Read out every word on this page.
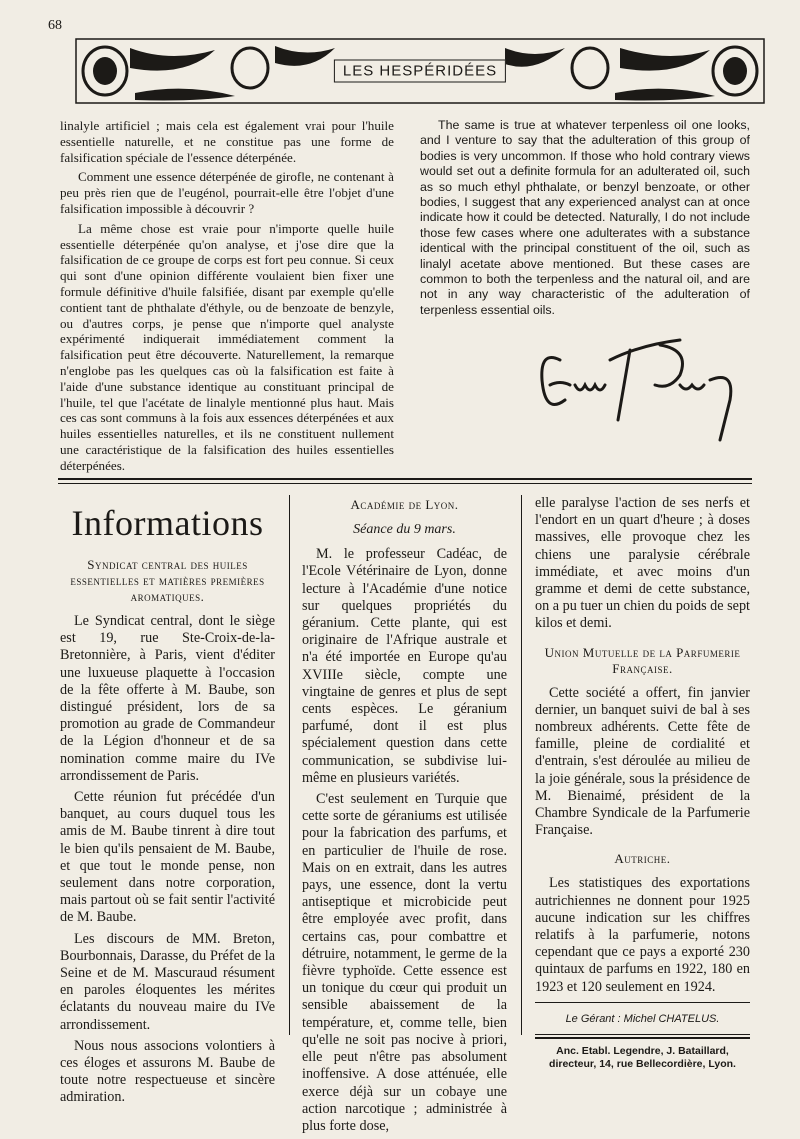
68
LES HESPÉRIDÉES

linalyle artificiel ; mais cela est également vrai pour l'huile essentielle naturelle, et ne constitue pas une forme de falsification spéciale de l'essence déterpénée.

Comment une essence déterpénée de girofle, ne contenant à peu près rien que de l'eugénol, pourrait-elle être l'objet d'une falsification impossible à découvrir ?

La même chose est vraie pour n'importe quelle huile essentielle déterpénée qu'on analyse, et j'ose dire que la falsification de ce groupe de corps est fort peu connue. Si ceux qui sont d'une opinion différente voulaient bien fixer une formule définitive d'huile falsifiée, disant par exemple qu'elle contient tant de phthalate d'éthyle, ou de benzoate de benzyle, ou d'autres corps, je pense que n'importe quel analyste expérimenté indiquerait immédiatement comment la falsification peut être découverte. Naturellement, la remarque n'englobe pas les quelques cas où la falsification est faite à l'aide d'une substance identique au constituant principal de l'huile, tel que l'acétate de linalyle mentionné plus haut. Mais ces cas sont communs à la fois aux essences déterpénées et aux huiles essentielles naturelles, et ils ne constituent nullement une caractéristique de la falsification des huiles essentielles déterpénées.

The same is true at whatever terpenless oil one looks, and I venture to say that the adulteration of this group of bodies is very uncommon. If those who hold contrary views would set out a definite formula for an adulterated oil, such as so much ethyl phthalate, or benzyl benzoate, or other bodies, I suggest that any experienced analyst can at once indicate how it could be detected. Naturally, I do not include those few cases where one adulterates with a substance identical with the principal constituent of the oil, such as linalyl acetate above mentioned. But these cases are common to both the terpenless and the natural oil, and are not in any way characteristic of the adulteration of terpenless essential oils.

Informations
Syndicat central des huiles essentielles et matières premières aromatiques.

Le Syndicat central, dont le siège est 19, rue Ste-Croix-de-la-Bretonnière, à Paris, vient d'éditer une luxueuse plaquette à l'occasion de la fête offerte à M. Baube, son distingué président, lors de sa promotion au grade de Commandeur de la Légion d'honneur et de sa nomination comme maire du IVe arrondissement de Paris.

Cette réunion fut précédée d'un banquet, au cours duquel tous les amis de M. Baube tinrent à dire tout le bien qu'ils pensaient de M. Baube, et que tout le monde pense, non seulement dans notre corporation, mais partout où se fait sentir l'activité de M. Baube.

Les discours de MM. Breton, Bourbonnais, Darasse, du Préfet de la Seine et de M. Mascuraud résument en paroles éloquentes les mérites éclatants du nouveau maire du IVe arrondissement.

Nous nous associons volontiers à ces éloges et assurons M. Baube de toute notre respectueuse et sincère admiration.

Académie de Lyon.
Séance du 9 mars.

M. le professeur Cadéac, de l'Ecole Vétérinaire de Lyon, donne lecture à l'Académie d'une notice sur quelques propriétés du géranium. Cette plante, qui est originaire de l'Afrique australe et n'a été importée en Europe qu'au XVIIIe siècle, compte une vingtaine de genres et plus de sept cents espèces. Le géranium parfumé, dont il est plus spécialement question dans cette communication, se subdivise lui-même en plusieurs variétés.

C'est seulement en Turquie que cette sorte de géraniums est utilisée pour la fabrication des parfums, et en particulier de l'huile de rose. Mais on en extrait, dans les autres pays, une essence, dont la vertu antiseptique et microbicide peut être employée avec profit, dans certains cas, pour combattre et détruire, notamment, le germe de la fièvre typhoïde. Cette essence est un tonique du cœur qui produit un sensible abaissement de la température, et, comme telle, bien qu'elle ne soit pas nocive à priori, elle peut n'être pas absolument inoffensive. A dose atténuée, elle exerce déjà sur un cobaye une action narcotique ; administrée à plus forte dose,

elle paralyse l'action de ses nerfs et l'endort en un quart d'heure ; à doses massives, elle provoque chez les chiens une paralysie cérébrale immédiate, et avec moins d'un gramme et demi de cette substance, on a pu tuer un chien du poids de sept kilos et demi.

Union Mutuelle de la Parfumerie Française.

Cette société a offert, fin janvier dernier, un banquet suivi de bal à ses nombreux adhérents. Cette fête de famille, pleine de cordialité et d'entrain, s'est déroulée au milieu de la joie générale, sous la présidence de M. Bienaimé, président de la Chambre Syndicale de la Parfumerie Française.

Autriche.

Les statistiques des exportations autrichiennes ne donnent pour 1925 aucune indication sur les chiffres relatifs à la parfumerie, notons cependant que ce pays a exporté 230 quintaux de parfums en 1922, 180 en 1923 et 120 seulement en 1924.

Le Gérant : Michel CHATELUS.
Anc. Etabl. Legendre, J. Bataillard, directeur, 14, rue Bellecordière, Lyon.
